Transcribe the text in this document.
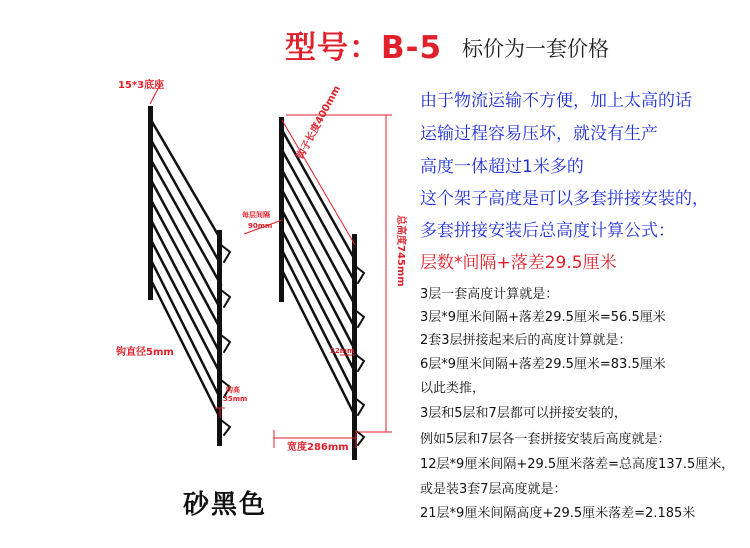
型号：B-5 标价为一套价格
15*3底座
钩直径5mm
钩高
35mm
每层间隔
90mm
钩子长度400mm
总高度745mm
22mm
宽度286mm
砂黑色
由于物流运输不方便，加上太高的话
运输过程容易压坏，就没有生产
高度一体超过1米多的
这个架子高度是可以多套拼接安装的，
多套拼接安装后总高度计算公式：
层数*间隔+落差29.5厘米
3层一套高度计算就是：
3层*9厘米间隔+落差29.5厘米=56.5厘米
2套3层拼接起来后的高度计算就是：
6层*9厘米间隔+落差29.5厘米=83.5厘米
以此类推，
3层和5层和7层都可以拼接安装的，
例如5层和7层各一套拼接安装后高度就是：
12层*9厘米间隔+29.5厘米落差=总高度137.5厘米，
或是装3套7层高度就是：
21层*9厘米间隔高度+29.5厘米落差=2.185米
